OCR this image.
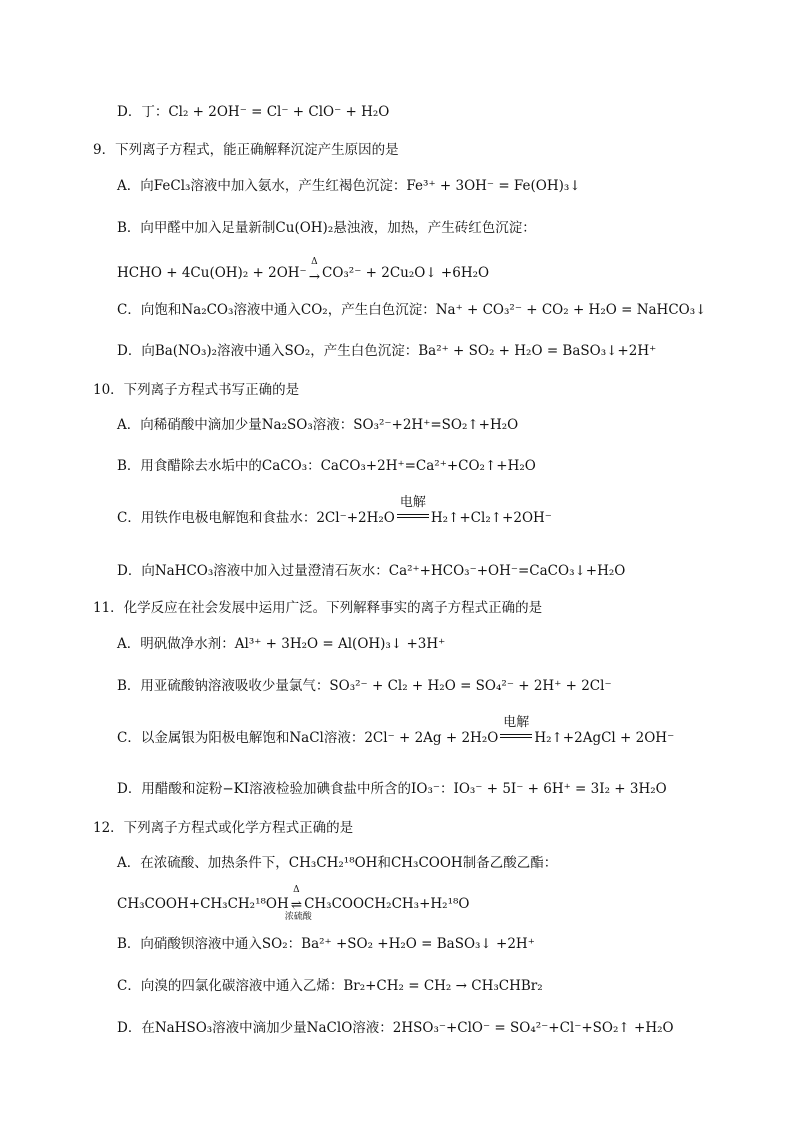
D．丁：Cl₂ + 2OH⁻ = Cl⁻ + ClO⁻ + H₂O
9．下列离子方程式，能正确解释沉淀产生原因的是
A．向FeCl₃溶液中加入氨水，产生红褐色沉淀：Fe³⁺ + 3OH⁻ = Fe(OH)₃↓
B．向甲醛中加入足量新制Cu(OH)₂悬浊液，加热，产生砖红色沉淀：
HCHO + 4Cu(OH)₂ + 2OH⁻
Δ
→ CO₃²⁻ + 2Cu₂O↓ +6H₂O
C．向饱和Na₂CO₃溶液中通入CO₂，产生白色沉淀：Na⁺ + CO₃²⁻ + CO₂ + H₂O = NaHCO₃↓
D．向Ba(NO₃)₂溶液中通入SO₂，产生白色沉淀：Ba²⁺ + SO₂ + H₂O = BaSO₃↓+2H⁺
10．下列离子方程式书写正确的是
A．向稀硝酸中滴加少量Na₂SO₃溶液：SO₃²⁻+2H⁺=SO₂↑+H₂O
B．用食醋除去水垢中的CaCO₃：CaCO₃+2H⁺=Ca²⁺+CO₂↑+H₂O
C．用铁作电极电解饱和食盐水：2Cl⁻+2H₂O
电解
H₂↑+Cl₂↑+2OH⁻
D．向NaHCO₃溶液中加入过量澄清石灰水：Ca²⁺+HCO₃⁻+OH⁻=CaCO₃↓+H₂O
11．化学反应在社会发展中运用广泛。下列解释事实的离子方程式正确的是
A．明矾做净水剂：Al³⁺ + 3H₂O = Al(OH)₃↓ +3H⁺
B．用亚硫酸钠溶液吸收少量氯气：SO₃²⁻ + Cl₂ + H₂O = SO₄²⁻ + 2H⁺ + 2Cl⁻
C．以金属银为阳极电解饱和NaCl溶液：2Cl⁻ + 2Ag + 2H₂O
电解
H₂↑+2AgCl + 2OH⁻
D．用醋酸和淀粉−KI溶液检验加碘食盐中所含的IO₃⁻：IO₃⁻ + 5I⁻ + 6H⁺ = 3I₂ + 3H₂O
12．下列离子方程式或化学方程式正确的是
A．在浓硫酸、加热条件下，CH₃CH₂¹⁸OH和CH₃COOH制备乙酸乙酯：
CH₃COOH+CH₃CH₂¹⁸OH
Δ
⇌
浓硫酸
CH₃COOCH₂CH₃+H₂¹⁸O
B．向硝酸钡溶液中通入SO₂：Ba²⁺ +SO₂ +H₂O = BaSO₃↓ +2H⁺
C．向溴的四氯化碳溶液中通入乙烯：Br₂+CH₂ = CH₂ → CH₃CHBr₂
D．在NaHSO₃溶液中滴加少量NaClO溶液：2HSO₃⁻+ClO⁻ = SO₄²⁻+Cl⁻+SO₂↑ +H₂O
